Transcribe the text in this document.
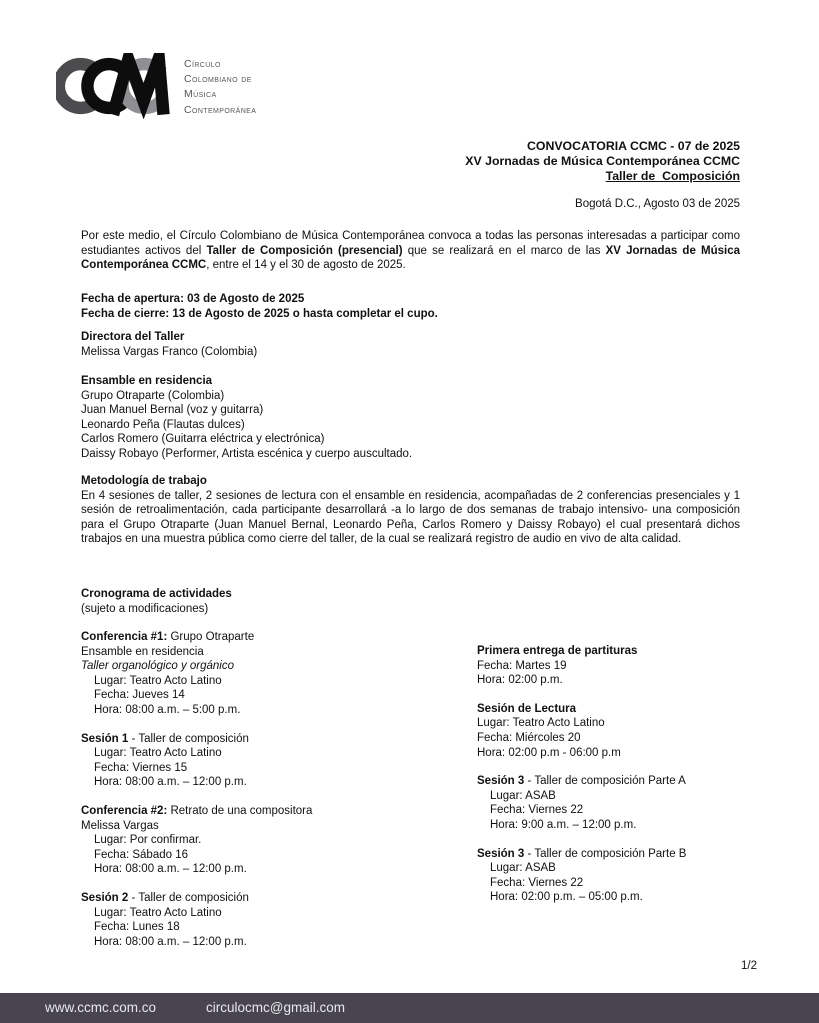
Círculo
Colombiano de
Música
Contemporánea
CONVOCATORIA CCMC - 07 de 2025
XV Jornadas de Música Contemporánea CCMC
Taller de  Composición
Bogotá D.C., Agosto 03 de 2025

Por este medio, el Círculo Colombiano de Música Contemporánea convoca a todas las personas interesadas a participar como estudiantes activos del Taller de Composición (presencial) que se realizará en el marco de las XV Jornadas de Música Contemporánea CCMC, entre el 14 y el 30 de agosto de 2025.

Fecha de apertura: 03 de Agosto de 2025
Fecha de cierre: 13 de Agosto de 2025 o hasta completar el cupo.
Directora del Taller
Melissa Vargas Franco (Colombia)
Ensamble en residencia
Grupo Otraparte (Colombia)
Juan Manuel Bernal (voz y guitarra)
Leonardo Peña (Flautas dulces)
Carlos Romero (Guitarra eléctrica y electrónica)
Daissy Robayo (Performer, Artista escénica y cuerpo auscultado.
Metodología de trabajo

En 4 sesiones de taller, 2 sesiones de lectura con el ensamble en residencia, acompañadas de 2 conferencias presenciales y 1 sesión de retroalimentación, cada participante desarrollará -a lo largo de dos semanas de trabajo intensivo- una composición para el Grupo Otraparte (Juan Manuel Bernal, Leonardo Peña, Carlos Romero y Daissy Robayo) el cual presentará dichos trabajos en una muestra pública como cierre del taller, de la cual se realizará registro de audio en vivo de alta calidad.

Cronograma de actividades
(sujeto a modificaciones)
Conferencia #1: Grupo Otraparte
Ensamble en residencia
Taller organológico y orgánico
Lugar: Teatro Acto Latino
Fecha: Jueves 14
Hora: 08:00 a.m. – 5:00 p.m.
Sesión 1 - Taller de composición
Lugar: Teatro Acto Latino
Fecha: Viernes 15
Hora: 08:00 a.m. – 12:00 p.m.
Conferencia #2: Retrato de una compositora
Melissa Vargas
Lugar: Por confirmar.
Fecha: Sábado 16
Hora: 08:00 a.m. – 12:00 p.m.
Sesión 2 - Taller de composición
Lugar: Teatro Acto Latino
Fecha: Lunes 18
Hora: 08:00 a.m. – 12:00 p.m.
Primera entrega de partituras
Fecha: Martes 19
Hora: 02:00 p.m.
Sesión de Lectura
Lugar: Teatro Acto Latino
Fecha: Miércoles 20
Hora: 02:00 p.m - 06:00 p.m
Sesión 3 - Taller de composición Parte A
Lugar: ASAB
Fecha: Viernes 22
Hora: 9:00 a.m. – 12:00 p.m.
Sesión 3 - Taller de composición Parte B
Lugar: ASAB
Fecha: Viernes 22
Hora: 02:00 p.m. – 05:00 p.m.
1/2
www.ccmc.com.co	circulocmc@gmail.com
